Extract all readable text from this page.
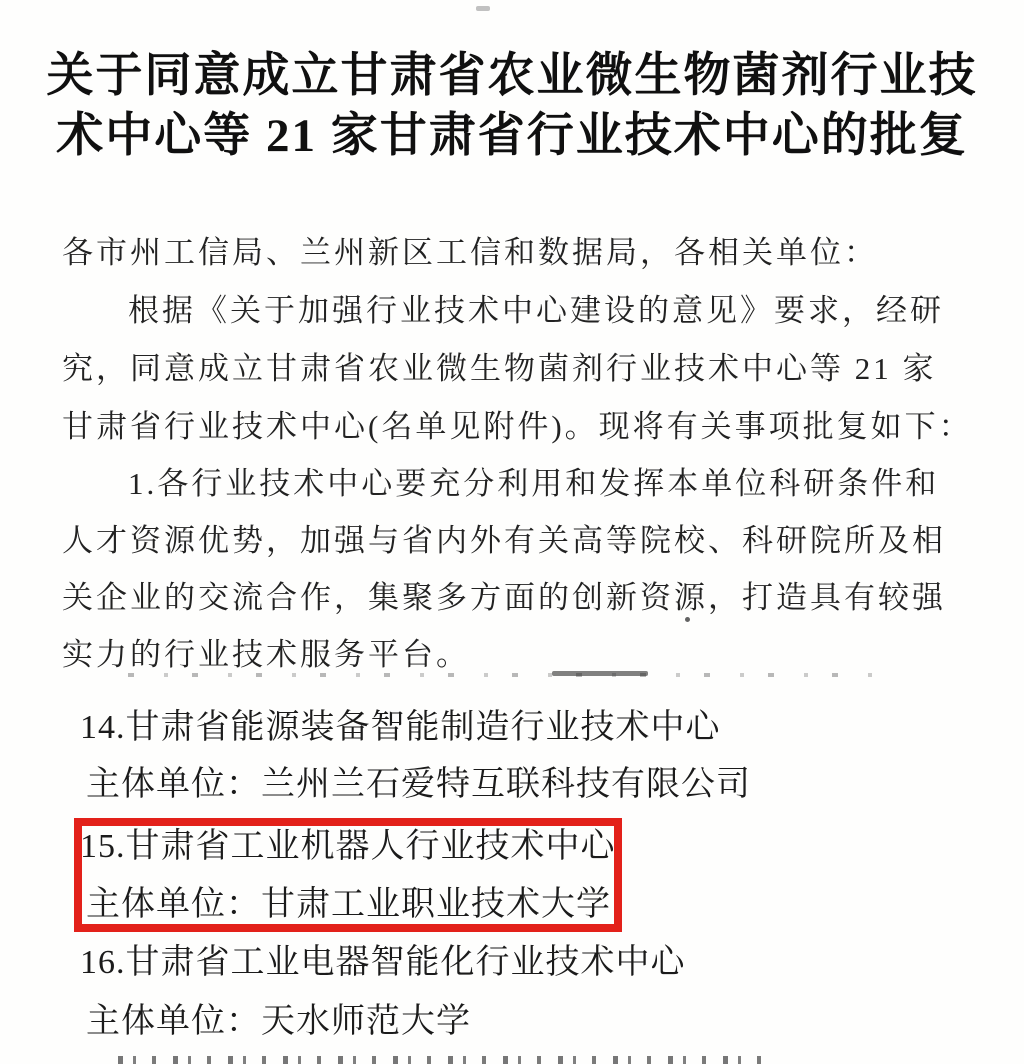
关于同意成立甘肃省农业微生物菌剂行业技
术中心等 21 家甘肃省行业技术中心的批复
各市州工信局、兰州新区工信和数据局，各相关单位：
根据《关于加强行业技术中心建设的意见》要求，经研
究，同意成立甘肃省农业微生物菌剂行业技术中心等 21 家
甘肃省行业技术中心(名单见附件)。现将有关事项批复如下：
1.各行业技术中心要充分利用和发挥本单位科研条件和
人才资源优势，加强与省内外有关高等院校、科研院所及相
关企业的交流合作，集聚多方面的创新资源，打造具有较强
实力的行业技术服务平台。
14.甘肃省能源装备智能制造行业技术中心
主体单位：兰州兰石爱特互联科技有限公司
15.甘肃省工业机器人行业技术中心
主体单位：甘肃工业职业技术大学
16.甘肃省工业电器智能化行业技术中心
主体单位：天水师范大学
